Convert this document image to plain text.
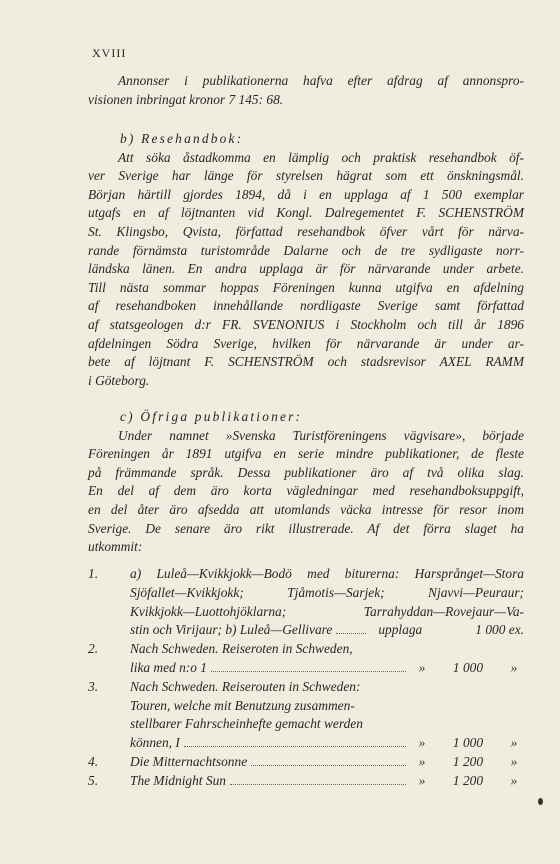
XVIII
Annonser i publikationerna hafva efter afdrag af annonspro-
visionen inbringat kronor 7 145: 68.
b) Resehandbok:
Att söka åstadkomma en lämplig och praktisk resehandbok öf-
ver Sverige har länge för styrelsen hägrat som ett önskningsmål.
Början härtill gjordes 1894, då i en upplaga af 1 500 exemplar
utgafs en af löjtnanten vid Kongl. Dalregementet F. SCHENSTRÖM
St. Klingsbo, Qvista, författad resehandbok öfver vårt för närva-
rande förnämsta turistområde Dalarne och de tre sydligaste norr-
ländska länen. En andra upplaga är för närvarande under arbete.
Till nästa sommar hoppas Föreningen kunna utgifva en afdelning
af resehandboken innehållande nordligaste Sverige samt författad
af statsgeologen d:r FR. SVENONIUS i Stockholm och till år 1896
afdelningen Södra Sverige, hvilken för närvarande är under ar-
bete af löjtnant F. SCHENSTRÖM och stadsrevisor AXEL RAMM
i Göteborg.
c) Öfriga publikationer:
Under namnet »Svenska Turistföreningens vägvisare», började
Föreningen år 1891 utgifva en serie mindre publikationer, de fleste
på främmande språk. Dessa publikationer äro af två olika slag.
En del af dem äro korta vägledningar med resehandboksuppgift,
en del åter äro afsedda att utomlands väcka intresse för resor inom
Sverige. De senare äro rikt illustrerade. Af det förra slaget ha
utkommit:
1. a) Luleå—Kvikkjokk—Bodö med biturerna: Harsprånget—Stora
Sjöfallet—Kvikkjokk; Tjåmotis—Sarjek; Njavvi—Peuraur;
Kvikkjokk—Luottohjöklarna; Tarrahyddan—Rovejaur—Va-
stin och Virijaur; b) Luleå—Gellivare	upplaga	1 000 ex.
2. Nach Schweden. Reiseroten in Schweden,
lika med n:o 1	»	1 000	»
3. Nach Schweden. Reiserouten in Schweden:
Touren, welche mit Benutzung zusammen-
stellbarer Fahrscheinhefte gemacht werden
können, I	»	1 000	»
4. Die Mitternachtsonne	»	1 200	»
5. The Midnight Sun	»	1 200	»
